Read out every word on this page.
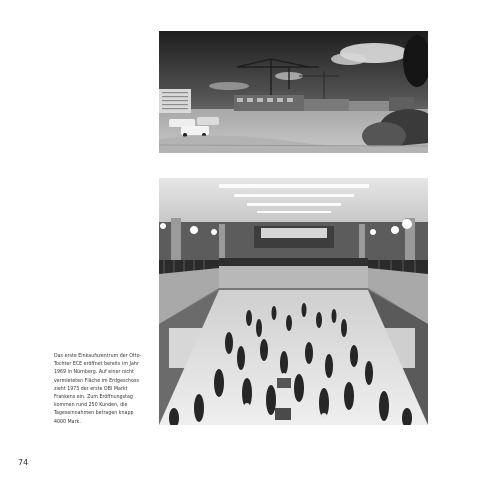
Das erste Einkaufszentrum der Otto-
Tochter ECE eröffnet bereits im Jahr
1969 in Nürnberg. Auf einer nicht
vermieteten Fläche im Erdgeschoss
zieht 1973 der erste OBI Markt
Frankens ein. Zum Eröffnungstag
kommen rund 250 Kunden, die
Tageseinnahmen betragen knapp
4000 Mark.
74
